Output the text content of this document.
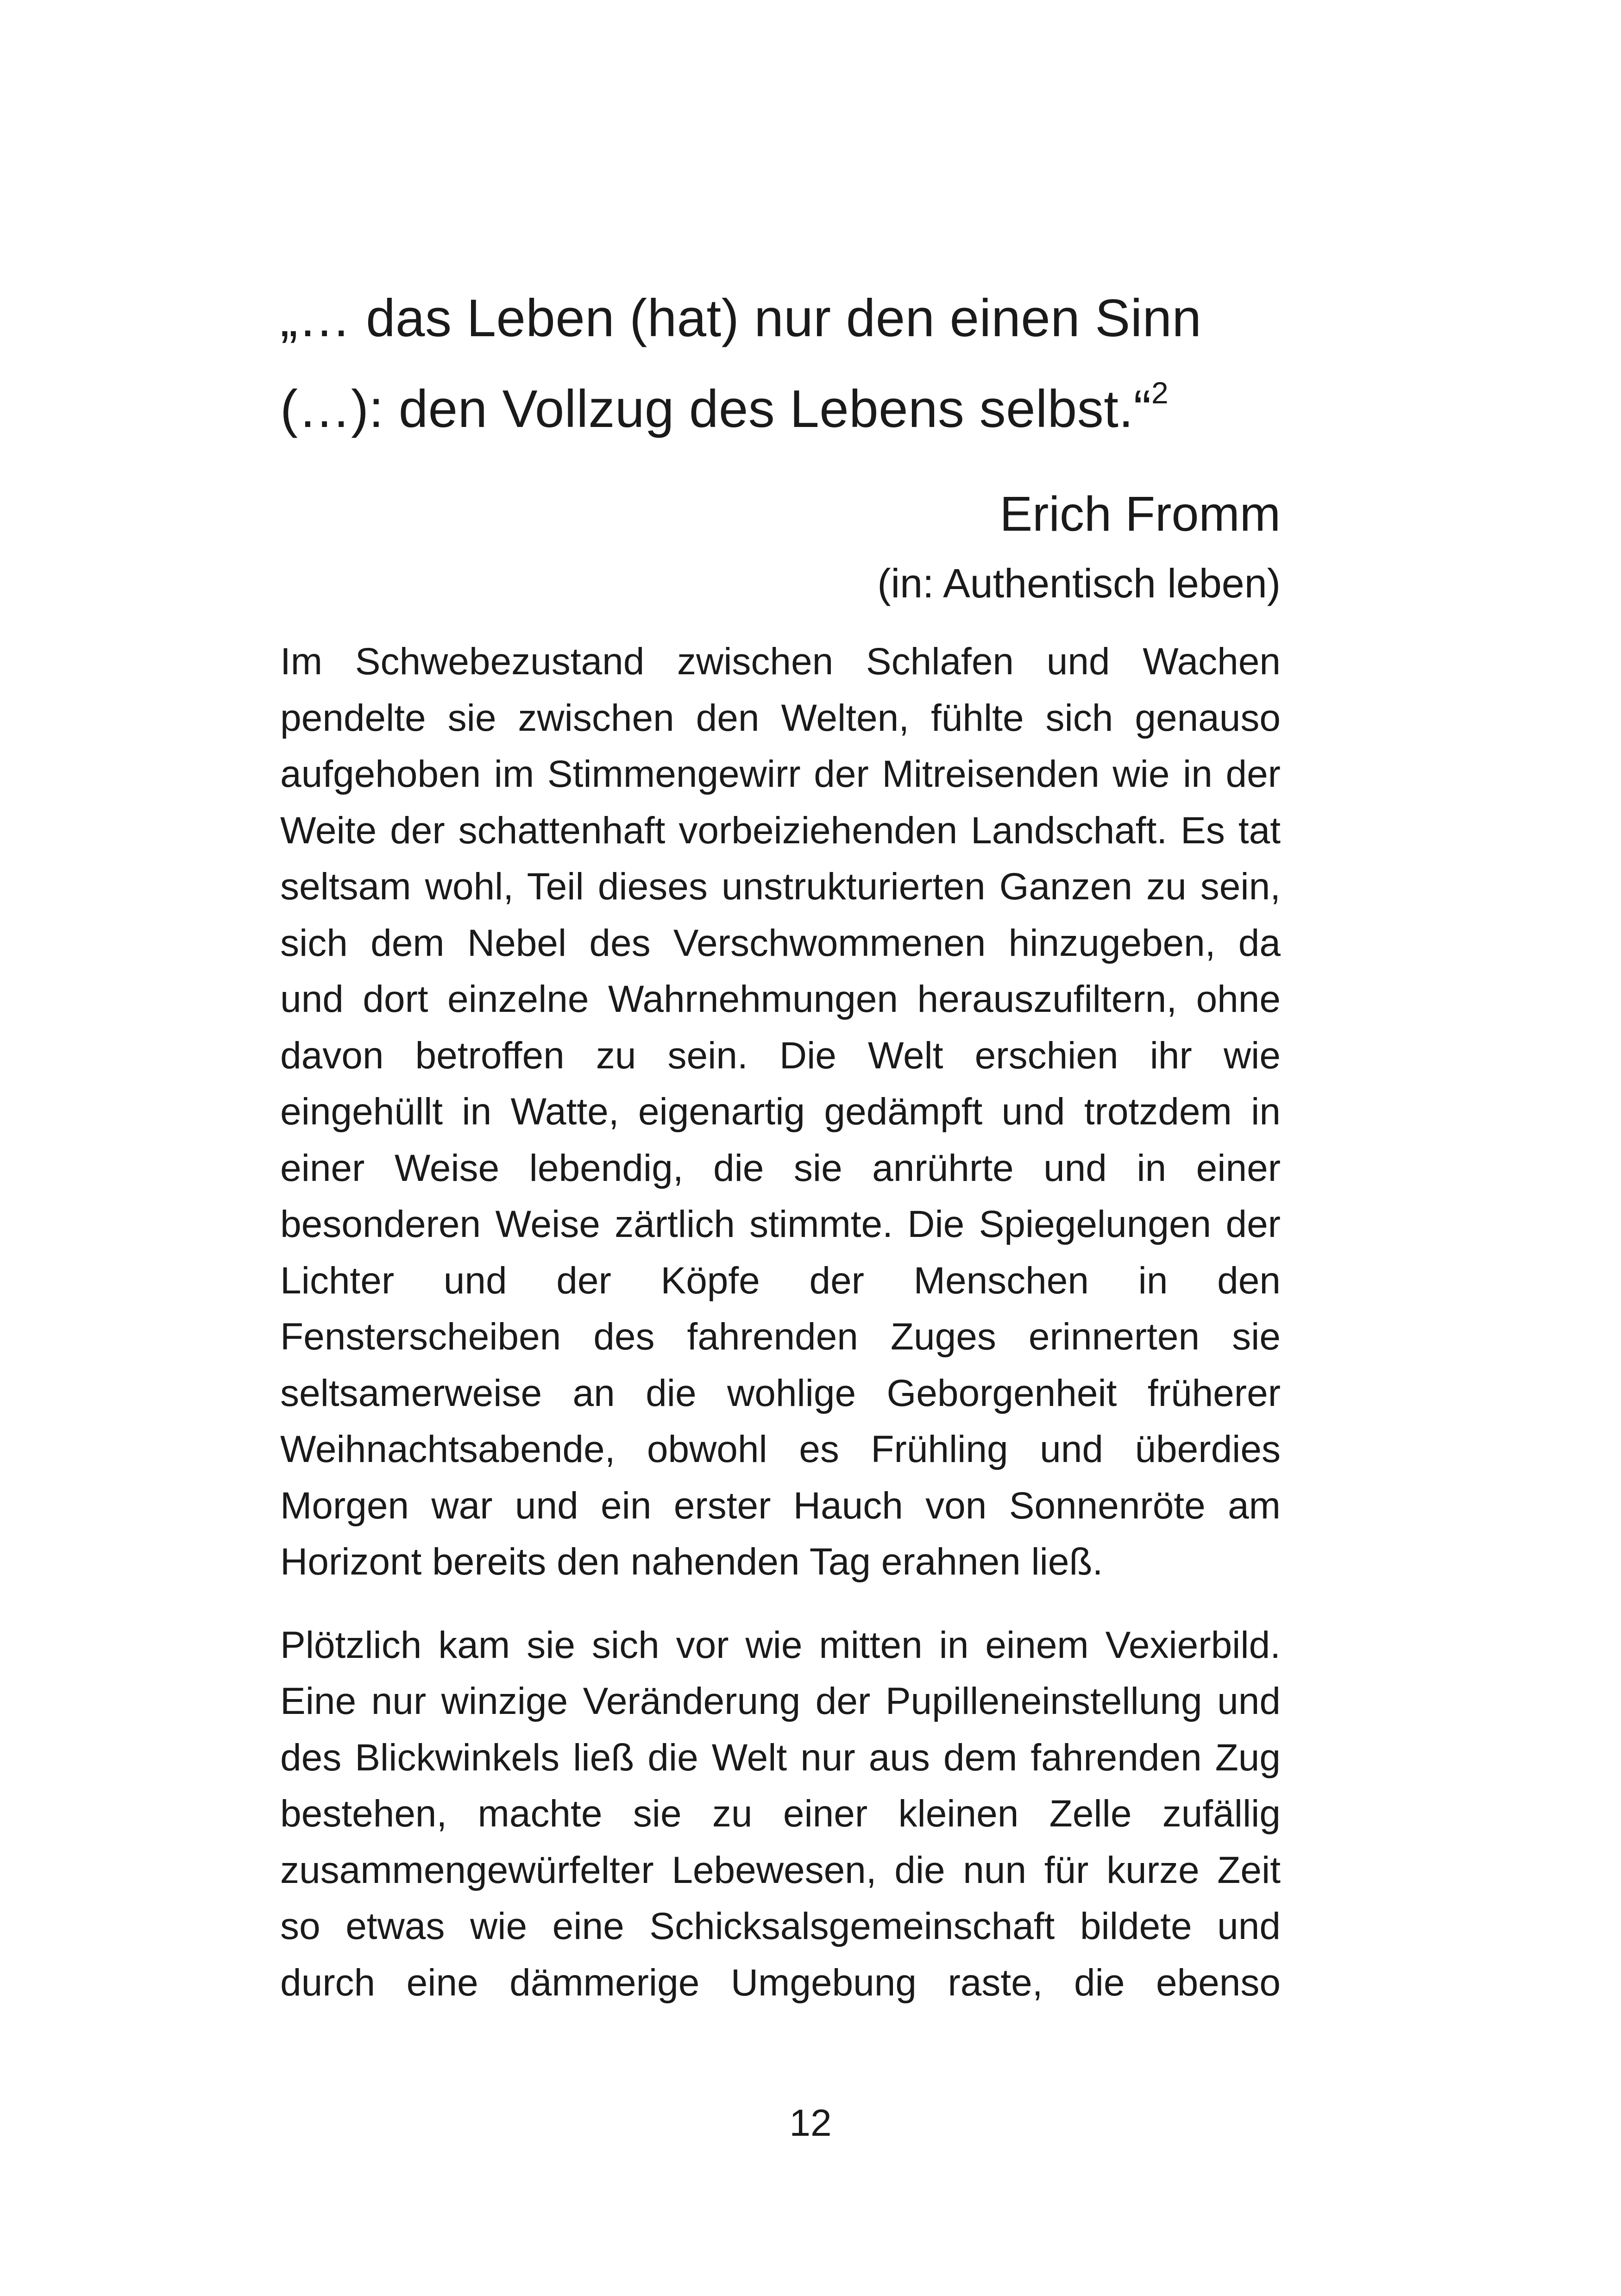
„… das Leben (hat) nur den einen Sinn (…): den Vollzug des Lebens selbst.“$^2$
Erich Fromm
(in: Authentisch leben)

Im Schwebezustand zwischen Schlafen und Wachen pendelte sie zwischen den Welten, fühlte sich genauso aufgehoben im Stimmengewirr der Mitreisenden wie in der Weite der schattenhaft vorbeiziehenden Landschaft. Es tat seltsam wohl, Teil dieses unstrukturierten Ganzen zu sein, sich dem Nebel des Verschwommenen hinzugeben, da und dort einzelne Wahrnehmungen herauszufiltern, ohne davon betroffen zu sein. Die Welt erschien ihr wie eingehüllt in Watte, eigenartig gedämpft und trotzdem in einer Weise lebendig, die sie anrührte und in einer besonderen Weise zärtlich stimmte. Die Spiegelungen der Lichter und der Köpfe der Menschen in den Fensterscheiben des fahrenden Zuges erinnerten sie seltsamerweise an die wohlige Geborgenheit früherer Weihnachtsabende, obwohl es Frühling und überdies Morgen war und ein erster Hauch von Sonnenröte am Horizont bereits den nahenden Tag erahnen ließ.

Plötzlich kam sie sich vor wie mitten in einem Vexierbild. Eine nur winzige Veränderung der Pupilleneinstellung und des Blickwinkels ließ die Welt nur aus dem fahrenden Zug bestehen, machte sie zu einer kleinen Zelle zufällig zusammengewürfelter Lebewesen, die nun für kurze Zeit so etwas wie eine Schicksalsgemeinschaft bildete und durch eine dämmerige Umgebung raste, die ebenso

12
